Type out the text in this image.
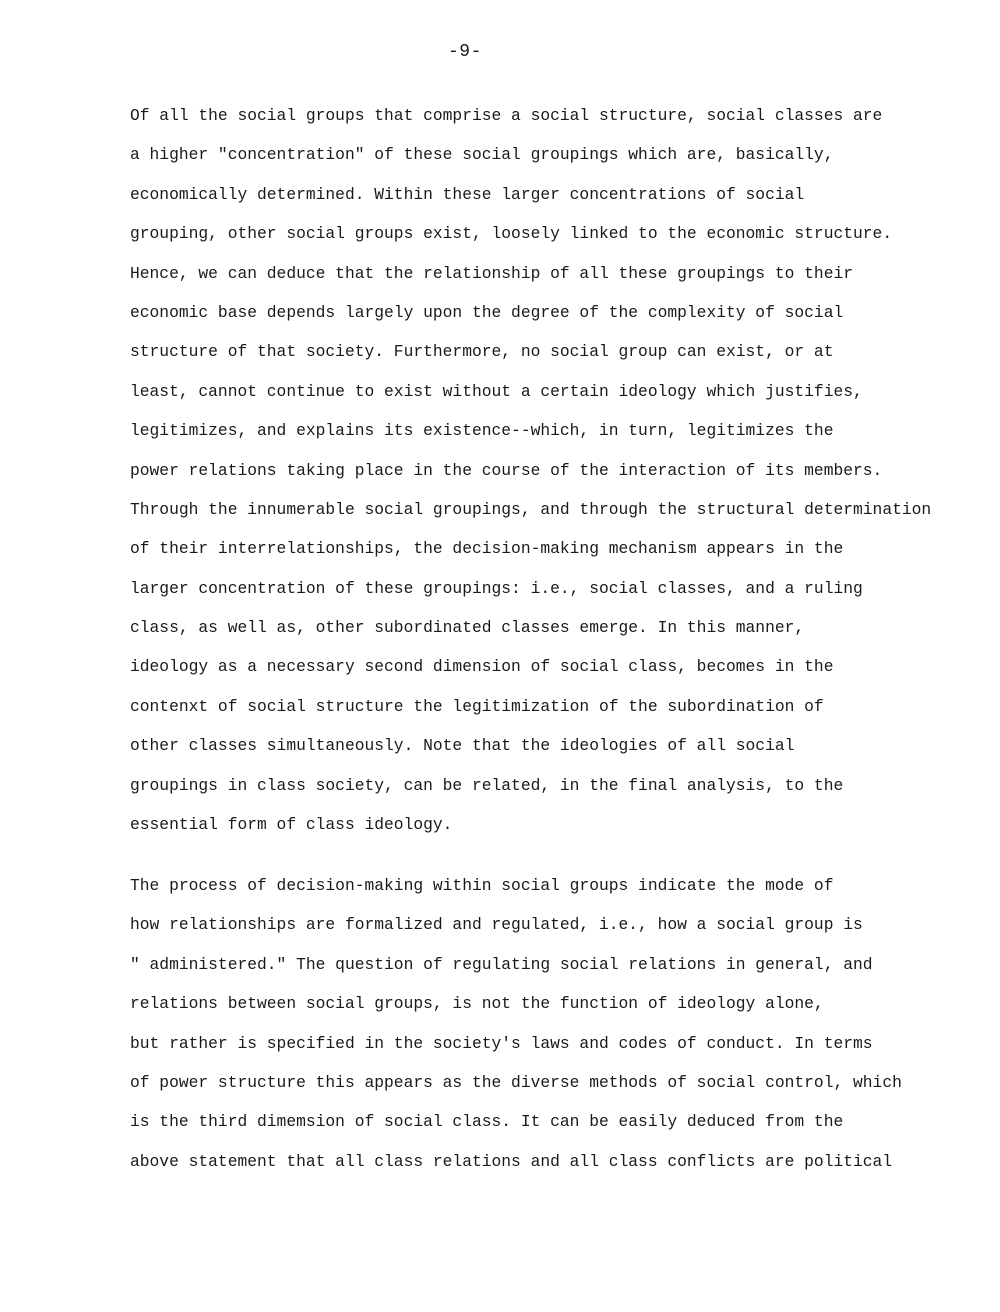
-9-
Of all the social groups that comprise a social structure, social classes are
a higher "concentration" of these social groupings which are, basically,
economically determined. Within these larger concentrations of social
grouping, other social groups exist, loosely linked to the economic structure.
Hence, we can deduce that the relationship of all these groupings to their
economic base depends largely upon the degree of the complexity of social
structure of that society. Furthermore, no social group can exist, or at
least, cannot continue to exist without a certain ideology which justifies,
legitimizes, and explains its existence--which, in turn, legitimizes the
power relations taking place in the course of the interaction of its members.
Through the innumerable social groupings, and through the structural determination
of their interrelationships, the decision-making mechanism appears in the
larger concentration of these groupings: i.e., social classes, and a ruling
class, as well as, other subordinated classes emerge. In this manner,
ideology as a necessary second dimension of social class, becomes in the
contenxt of social structure the legitimization of the subordination of
other classes simultaneously. Note that the ideologies of all social
groupings in class society, can be related, in the final analysis, to the
essential form of class ideology.
The process of decision-making within social groups indicate the mode of
how relationships are formalized and regulated, i.e., how a social group is
" administered." The question of regulating social relations in general, and
relations between social groups, is not the function of ideology alone,
but rather is specified in the society's laws and codes of conduct. In terms
of power structure this appears as the diverse methods of social control, which
is the third dimemsion of social class. It can be easily deduced from the
above statement that all class relations and all class conflicts are political
